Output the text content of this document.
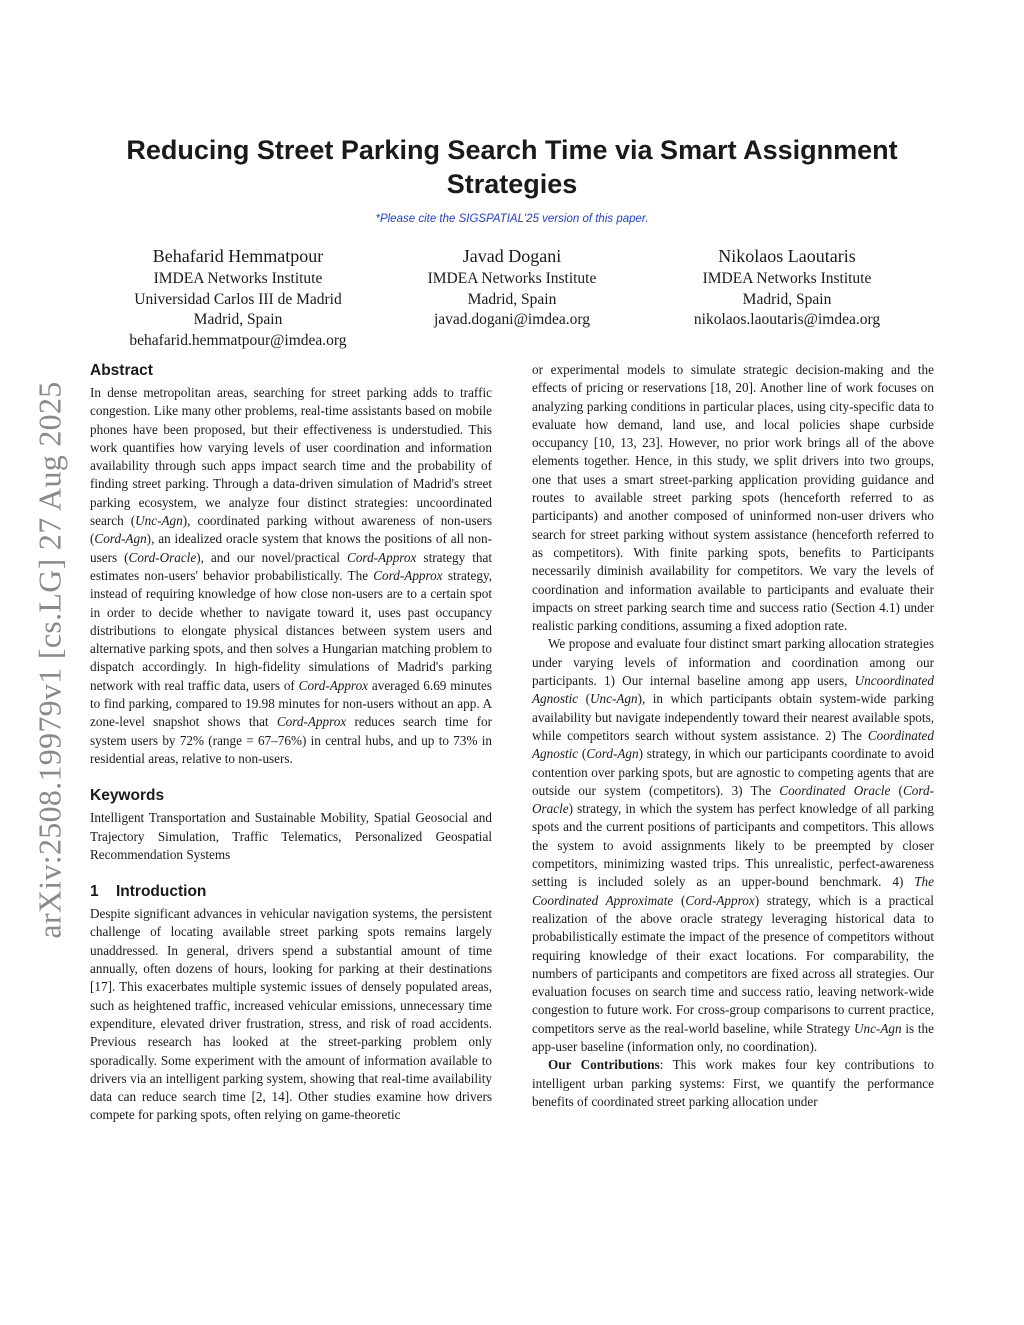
arXiv:2508.19979v1 [cs.LG] 27 Aug 2025
Reducing Street Parking Search Time via Smart Assignment Strategies
*Please cite the SIGSPATIAL'25 version of this paper.
Behafarid Hemmatpour
IMDEA Networks Institute
Universidad Carlos III de Madrid
Madrid, Spain
behafarid.hemmatpour@imdea.org
Javad Dogani
IMDEA Networks Institute
Madrid, Spain
javad.dogani@imdea.org
Nikolaos Laoutaris
IMDEA Networks Institute
Madrid, Spain
nikolaos.laoutaris@imdea.org
Abstract

In dense metropolitan areas, searching for street parking adds to traffic congestion. Like many other problems, real-time assistants based on mobile phones have been proposed, but their effectiveness is understudied. This work quantifies how varying levels of user coordination and information availability through such apps impact search time and the probability of finding street parking. Through a data-driven simulation of Madrid's street parking ecosystem, we analyze four distinct strategies: uncoordinated search (Unc-Agn), coordinated parking without awareness of non-users (Cord-Agn), an idealized oracle system that knows the positions of all non-users (Cord-Oracle), and our novel/practical Cord-Approx strategy that estimates non-users' behavior probabilistically. The Cord-Approx strategy, instead of requiring knowledge of how close non-users are to a certain spot in order to decide whether to navigate toward it, uses past occupancy distributions to elongate physical distances between system users and alternative parking spots, and then solves a Hungarian matching problem to dispatch accordingly. In high-fidelity simulations of Madrid's parking network with real traffic data, users of Cord-Approx averaged 6.69 minutes to find parking, compared to 19.98 minutes for non-users without an app. A zone-level snapshot shows that Cord-Approx reduces search time for system users by 72% (range = 67–76%) in central hubs, and up to 73% in residential areas, relative to non-users.

Keywords

Intelligent Transportation and Sustainable Mobility, Spatial Geosocial and Trajectory Simulation, Traffic Telematics, Personalized Geospatial Recommendation Systems

1 Introduction

Despite significant advances in vehicular navigation systems, the persistent challenge of locating available street parking spots remains largely unaddressed. In general, drivers spend a substantial amount of time annually, often dozens of hours, looking for parking at their destinations [17]. This exacerbates multiple systemic issues of densely populated areas, such as heightened traffic, increased vehicular emissions, unnecessary time expenditure, elevated driver frustration, stress, and risk of road accidents. Previous research has looked at the street-parking problem only sporadically. Some experiment with the amount of information available to drivers via an intelligent parking system, showing that real-time availability data can reduce search time [2, 14]. Other studies examine how drivers compete for parking spots, often relying on game-theoretic

or experimental models to simulate strategic decision-making and the effects of pricing or reservations [18, 20]. Another line of work focuses on analyzing parking conditions in particular places, using city-specific data to evaluate how demand, land use, and local policies shape curbside occupancy [10, 13, 23]. However, no prior work brings all of the above elements together. Hence, in this study, we split drivers into two groups, one that uses a smart street-parking application providing guidance and routes to available street parking spots (henceforth referred to as participants) and another composed of uninformed non-user drivers who search for street parking without system assistance (henceforth referred to as competitors). With finite parking spots, benefits to Participants necessarily diminish availability for competitors. We vary the levels of coordination and information available to participants and evaluate their impacts on street parking search time and success ratio (Section 4.1) under realistic parking conditions, assuming a fixed adoption rate.

We propose and evaluate four distinct smart parking allocation strategies under varying levels of information and coordination among our participants. 1) Our internal baseline among app users, Uncoordinated Agnostic (Unc-Agn), in which participants obtain system-wide parking availability but navigate independently toward their nearest available spots, while competitors search without system assistance. 2) The Coordinated Agnostic (Cord-Agn) strategy, in which our participants coordinate to avoid contention over parking spots, but are agnostic to competing agents that are outside our system (competitors). 3) The Coordinated Oracle (Cord-Oracle) strategy, in which the system has perfect knowledge of all parking spots and the current positions of participants and competitors. This allows the system to avoid assignments likely to be preempted by closer competitors, minimizing wasted trips. This unrealistic, perfect-awareness setting is included solely as an upper-bound benchmark. 4) The Coordinated Approximate (Cord-Approx) strategy, which is a practical realization of the above oracle strategy leveraging historical data to probabilistically estimate the impact of the presence of competitors without requiring knowledge of their exact locations. For comparability, the numbers of participants and competitors are fixed across all strategies. Our evaluation focuses on search time and success ratio, leaving network-wide congestion to future work. For cross-group comparisons to current practice, competitors serve as the real-world baseline, while Strategy Unc-Agn is the app-user baseline (information only, no coordination).

Our Contributions: This work makes four key contributions to intelligent urban parking systems: First, we quantify the performance benefits of coordinated street parking allocation under
